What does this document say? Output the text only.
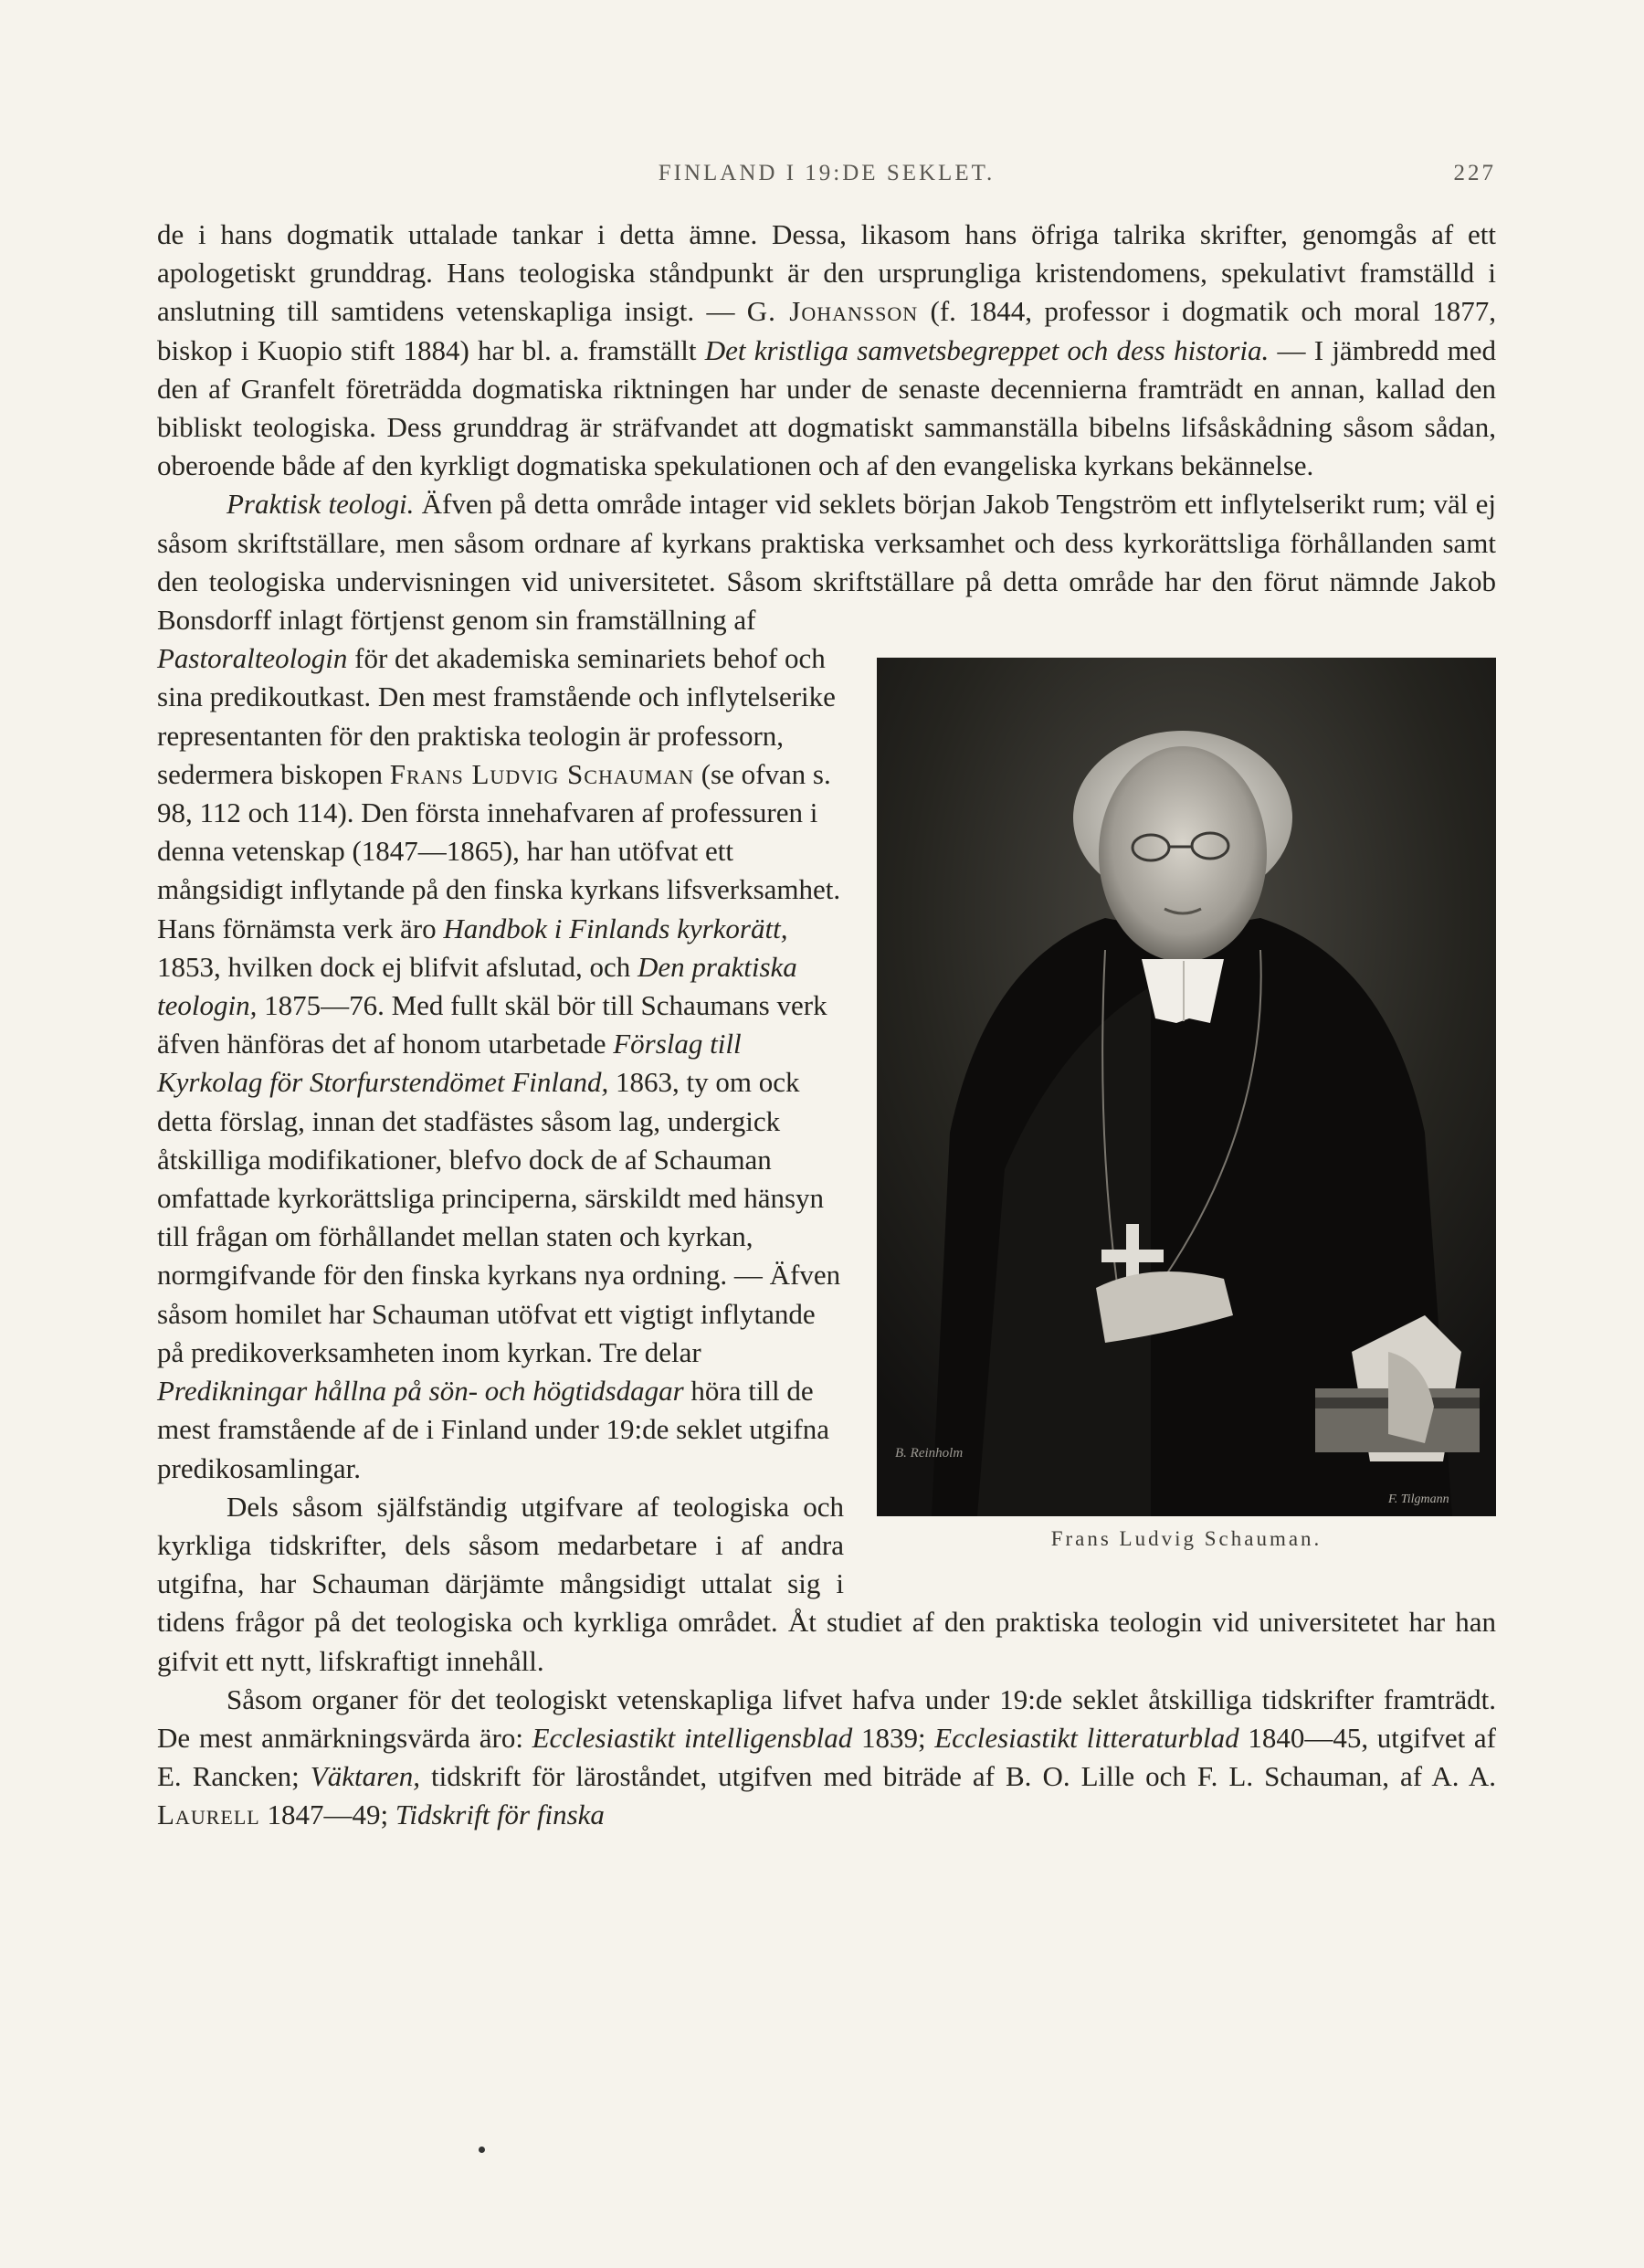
FINLAND I 19:DE SEKLET.	227

de i hans dogmatik uttalade tankar i detta ämne. Dessa, likasom hans öfriga talrika skrifter, genomgås af ett apologetiskt grunddrag. Hans teologiska ståndpunkt är den ursprungliga kristendomens, spekulativt framställd i anslutning till samtidens vetenskapliga insigt. — G. Johansson (f. 1844, professor i dogmatik och moral 1877, biskop i Kuopio stift 1884) har bl. a. framställt Det kristliga samvetsbegreppet och dess historia. — I jämbredd med den af Granfelt företrädda dogmatiska riktningen har under de senaste decennierna framträdt en annan, kallad den bibliskt teologiska. Dess grunddrag är sträfvandet att dogmatiskt sammanställa bibelns lifsåskådning såsom sådan, oberoende både af den kyrkligt dogmatiska spekulationen och af den evangeliska kyrkans bekännelse.

Praktisk teologi. Äfven på detta område intager vid seklets början Jakob Tengström ett inflytelserikt rum; väl ej såsom skriftställare, men såsom ordnare af kyrkans praktiska verksamhet och dess kyrkorättsliga förhållanden samt den teologiska undervisningen vid universitetet. Såsom skriftställare på detta område har den förut nämnde Jakob Bonsdorff inlagt förtjenst genom sin framställning af

B. Reinholm
F. Tilgmann
Frans Ludvig Schauman.
Pastoralteologin för det akademiska seminariets behof och sina predikoutkast. Den mest framstående och inflytelserike representanten för den praktiska teologin är professorn, sedermera biskopen Frans Ludvig Schauman (se ofvan s. 98, 112 och 114). Den första innehafvaren af professuren i denna vetenskap (1847—1865), har han utöfvat ett mångsidigt inflytande på den finska kyrkans lifsverksamhet. Hans förnämsta verk äro Handbok i Finlands kyrkorätt, 1853, hvilken dock ej blifvit afslutad, och Den praktiska teologin, 1875—76. Med fullt skäl bör till Schaumans verk äfven hänföras det af honom utarbetade Förslag till Kyrkolag för Storfurstendömet Finland, 1863, ty om ock detta förslag, innan det stadfästes såsom lag, undergick åtskilliga modifikationer, blefvo dock de af Schauman omfattade kyrkorättsliga principerna, särskildt med hänsyn till frågan om förhållandet mellan staten och kyrkan, normgifvande för den finska kyrkans nya ordning. — Äfven såsom homilet har Schauman utöfvat ett vigtigt inflytande på predikoverksamheten inom kyrkan. Tre delar Predikningar hållna på sön- och högtidsdagar höra till de mest framstående af de i Finland under 19:de seklet utgifna predikosamlingar.

Dels såsom själfständig utgifvare af teologiska och kyrkliga tidskrifter, dels såsom medarbetare i af andra utgifna, har Schauman därjämte mångsidigt uttalat sig i tidens frågor på det teologiska och kyrkliga området. Åt studiet af den praktiska teologin vid universitetet har han gifvit ett nytt, lifskraftigt innehåll.

Såsom organer för det teologiskt vetenskapliga lifvet hafva under 19:de seklet åtskilliga tidskrifter framträdt. De mest anmärkningsvärda äro: Ecclesiastikt intelligensblad 1839; Ecclesiastikt litteraturblad 1840—45, utgifvet af E. Rancken; Väktaren, tidskrift för läroståndet, utgifven med biträde af B. O. Lille och F. L. Schauman, af A. A. Laurell 1847—49; Tidskrift för finska
